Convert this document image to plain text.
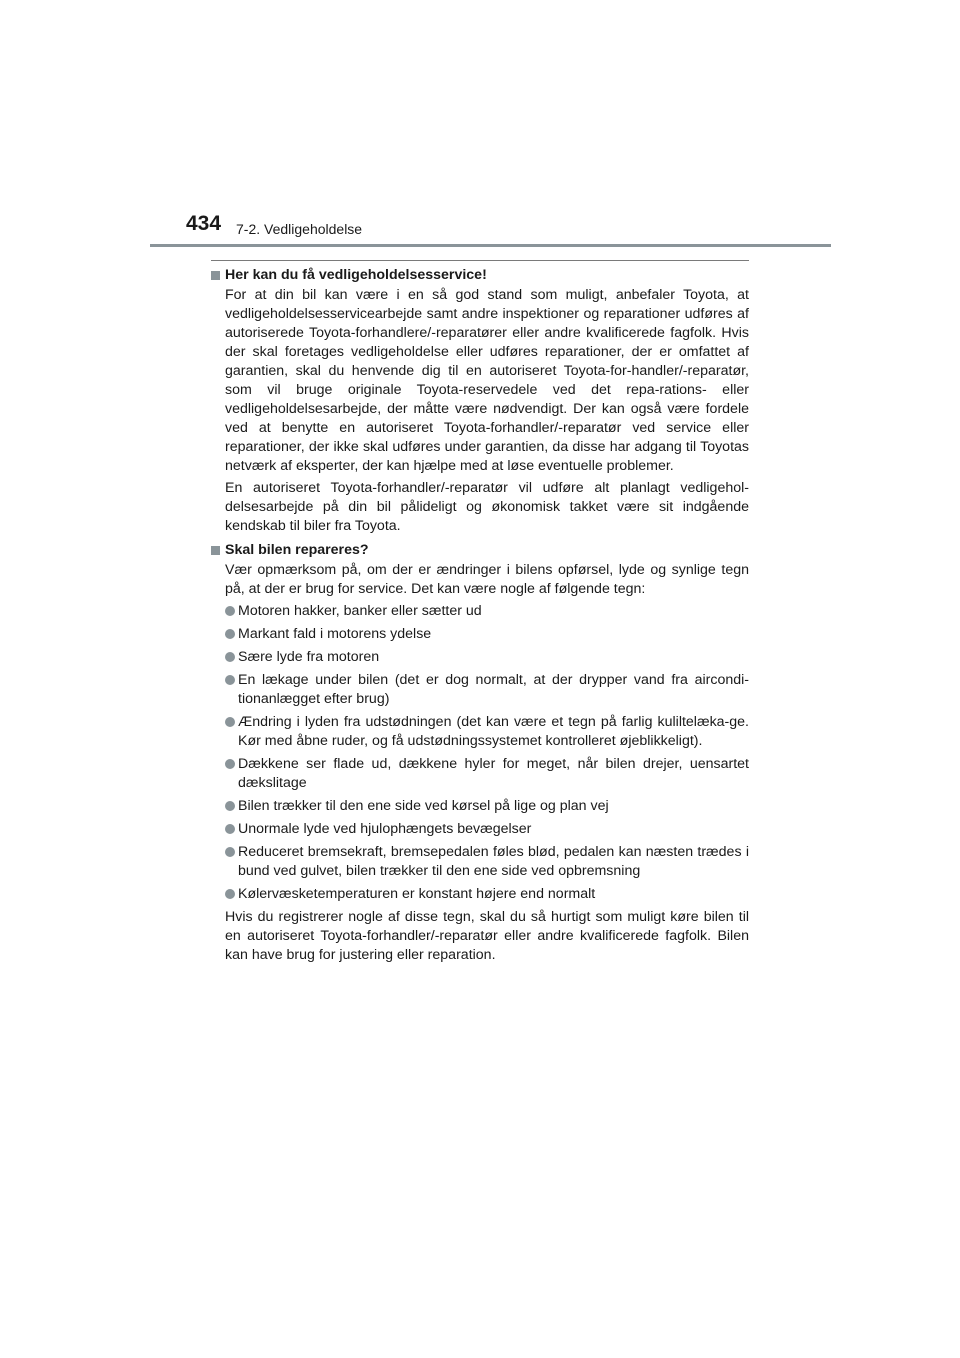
434 7-2. Vedligeholdelse
Her kan du få vedligeholdelsesservice!

For at din bil kan være i en så god stand som muligt, anbefaler Toyota, at vedligeholdelsesservicearbejde samt andre inspektioner og reparationer udføres af autoriserede Toyota-forhandlere/-reparatører eller andre kvalificerede fagfolk. Hvis der skal foretages vedligeholdelse eller udføres reparationer, der er omfattet af garantien, skal du henvende dig til en autoriseret Toyota-for-handler/-reparatør, som vil bruge originale Toyota-reservedele ved det repa-rations- eller vedligeholdelsesarbejde, der måtte være nødvendigt. Der kan også være fordele ved at benytte en autoriseret Toyota-forhandler/-reparatør ved service eller reparationer, der ikke skal udføres under garantien, da disse har adgang til Toyotas netværk af eksperter, der kan hjælpe med at løse eventuelle problemer.

En autoriseret Toyota-forhandler/-reparatør vil udføre alt planlagt vedligehol-delsesarbejde på din bil pålideligt og økonomisk takket være sit indgående kendskab til biler fra Toyota.

Skal bilen repareres?

Vær opmærksom på, om der er ændringer i bilens opførsel, lyde og synlige tegn på, at der er brug for service. Det kan være nogle af følgende tegn:

Motoren hakker, banker eller sætter ud
Markant fald i motorens ydelse
Sære lyde fra motoren
En lækage under bilen (det er dog normalt, at der drypper vand fra aircondi-tionanlægget efter brug)
Ændring i lyden fra udstødningen (det kan være et tegn på farlig kuliltelæka-ge. Kør med åbne ruder, og få udstødningssystemet kontrolleret øjeblikkeligt).
Dækkene ser flade ud, dækkene hyler for meget, når bilen drejer, uensartet dækslitage
Bilen trækker til den ene side ved kørsel på lige og plan vej
Unormale lyde ved hjulophængets bevægelser
Reduceret bremsekraft, bremsepedalen føles blød, pedalen kan næsten trædes i bund ved gulvet, bilen trækker til den ene side ved opbremsning
Kølervæsketemperaturen er konstant højere end normalt

Hvis du registrerer nogle af disse tegn, skal du så hurtigt som muligt køre bilen til en autoriseret Toyota-forhandler/-reparatør eller andre kvalificerede fagfolk. Bilen kan have brug for justering eller reparation.
